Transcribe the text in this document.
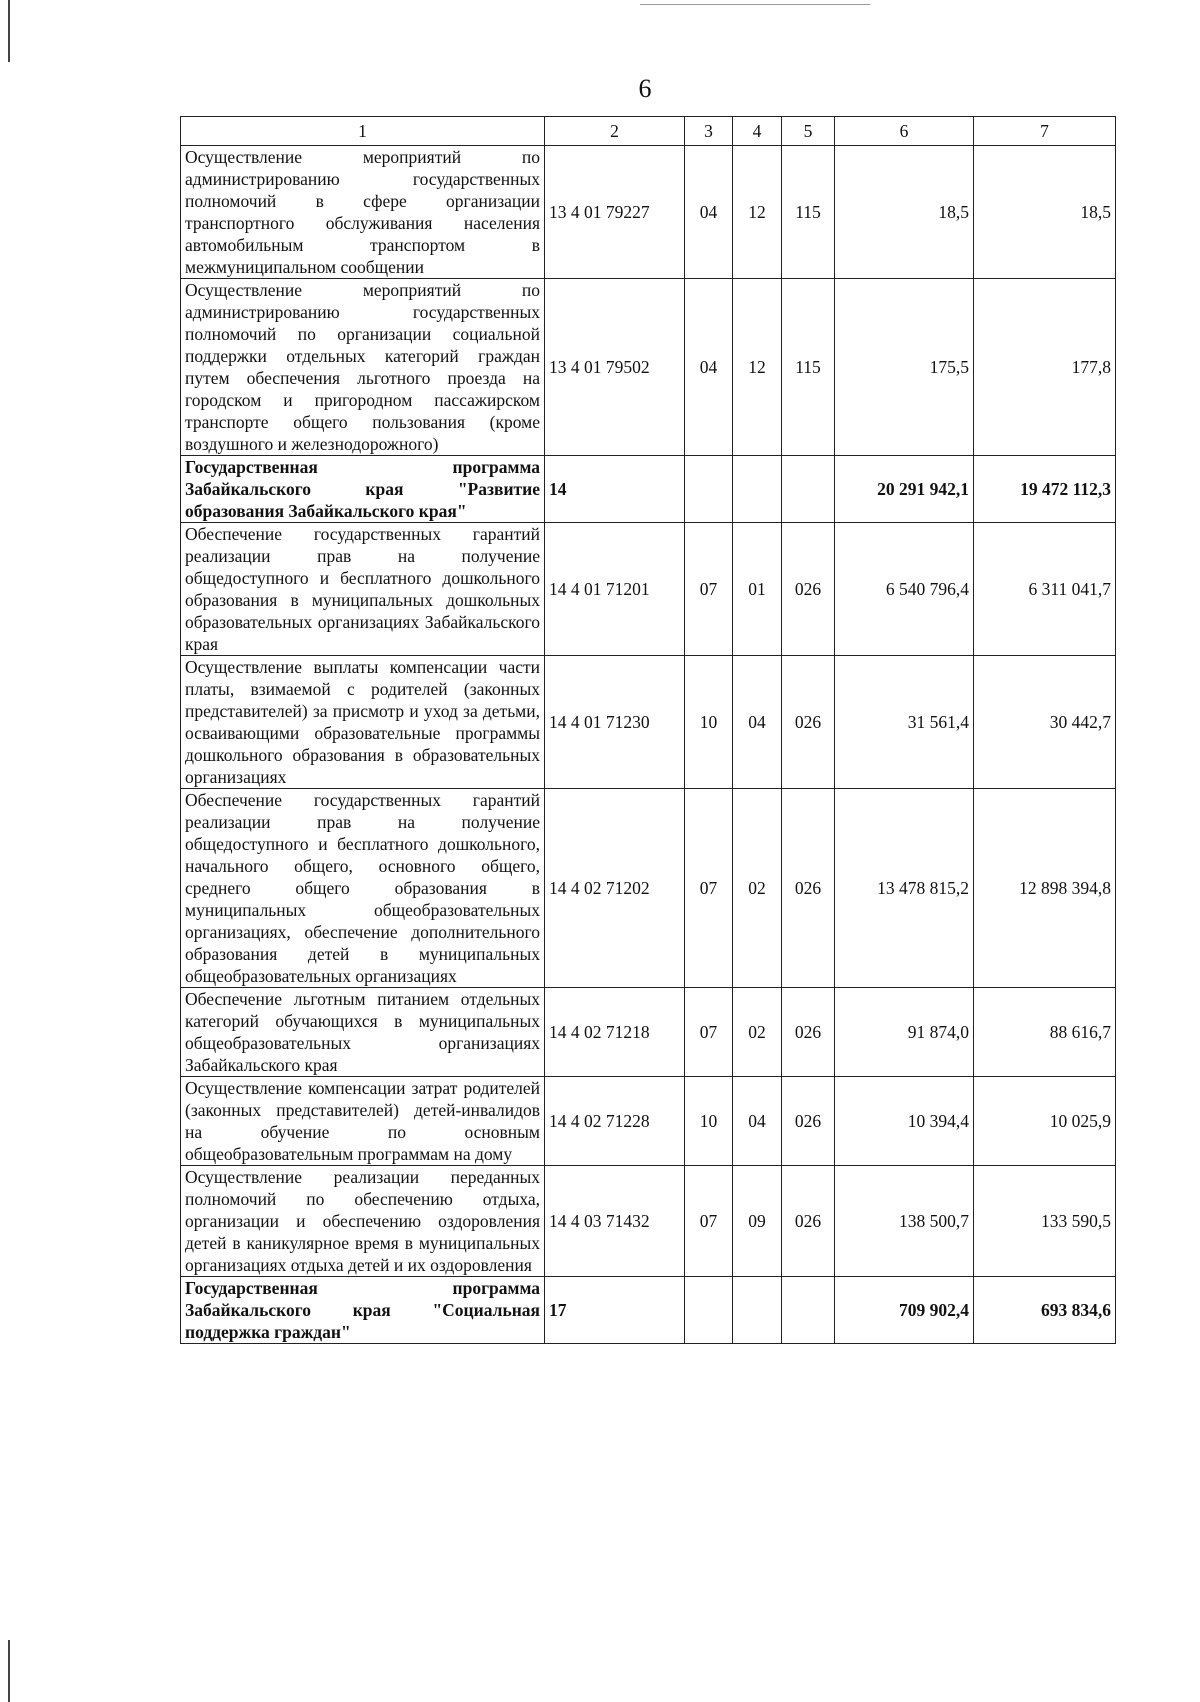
6
1	2	3	4	5	6	7
Осуществление мероприятий по администрированию государственных полномочий в сфере организации транспортного обслуживания населения автомобильным транспортом в межмуниципальном сообщении	13 4 01 79227	04	12	115	18,5	18,5
Осуществление мероприятий по администрированию государственных полномочий по организации социальной поддержки отдельных категорий граждан путем обеспечения льготного проезда на городском и пригородном пассажирском транспорте общего пользования (кроме воздушного и железнодорожного)	13 4 01 79502	04	12	115	175,5	177,8
Государственная программа Забайкальского края "Развитие образования Забайкальского края"	14				20 291 942,1	19 472 112,3
Обеспечение государственных гарантий реализации прав на получение общедоступного и бесплатного дошкольного образования в муниципальных дошкольных образовательных организациях Забайкальского края	14 4 01 71201	07	01	026	6 540 796,4	6 311 041,7
Осуществление выплаты компенсации части платы, взимаемой с родителей (законных представителей) за присмотр и уход за детьми, осваивающими образовательные программы дошкольного образования в образовательных организациях	14 4 01 71230	10	04	026	31 561,4	30 442,7
Обеспечение государственных гарантий реализации прав на получение общедоступного и бесплатного дошкольного, начального общего, основного общего, среднего общего образования в муниципальных общеобразовательных организациях, обеспечение дополнительного образования детей в муниципальных общеобразовательных организациях	14 4 02 71202	07	02	026	13 478 815,2	12 898 394,8
Обеспечение льготным питанием отдельных категорий обучающихся в муниципальных общеобразовательных организациях Забайкальского края	14 4 02 71218	07	02	026	91 874,0	88 616,7
Осуществление компенсации затрат родителей (законных представителей) детей-инвалидов на обучение по основным общеобразовательным программам на дому	14 4 02 71228	10	04	026	10 394,4	10 025,9
Осуществление реализации переданных полномочий по обеспечению отдыха, организации и обеспечению оздоровления детей в каникулярное время в муниципальных организациях отдыха детей и их оздоровления	14 4 03 71432	07	09	026	138 500,7	133 590,5
Государственная программа Забайкальского края "Социальная поддержка граждан"	17				709 902,4	693 834,6
